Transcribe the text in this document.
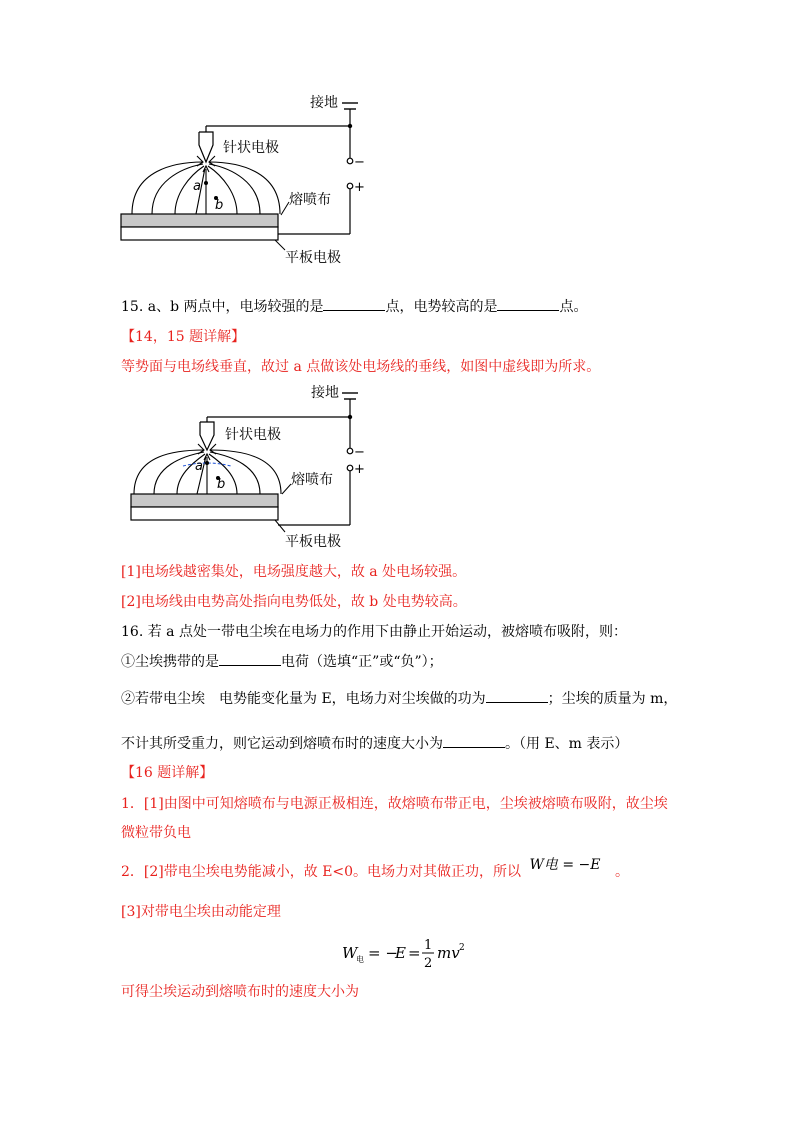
a
b
接地
针状电极
熔喷布
平板电极
−
+
15. a、b 两点中，电场较强的是	点，电势较高的是	点。
【14，15 题详解】
等势面与电场线垂直，故过 a 点做该处电场线的垂线，如图中虚线即为所求。
a
b
接地
针状电极
熔喷布
平板电极
−
+
[1]电场线越密集处，电场强度越大，故 a 处电场较强。
[2]电场线由电势高处指向电势低处，故 b 处电势较高。
16. 若 a 点处一带电尘埃在电场力的作用下由静止开始运动，被熔喷布吸附，则：
①尘埃携带的是	电荷（选填“正”或“负”）；
②若带电尘埃　电势能变化量为 E，电场力对尘埃做的功为	；尘埃的质量为 m，
不计其所受重力，则它运动到熔喷布时的速度大小为	。（用 E、m 表示）
【16 题详解】
1．[1]由图中可知熔喷布与电源正极相连，故熔喷布带正电，尘埃被熔喷布吸附，故尘埃
微粒带负电
2．[2]带电尘埃电势能减小，故 E<0。电场力对其做正功，所以 W电 = −E 。
[3]对带电尘埃由动能定理
W
电 = −
E = 1
2
mv 2
可得尘埃运动到熔喷布时的速度大小为
